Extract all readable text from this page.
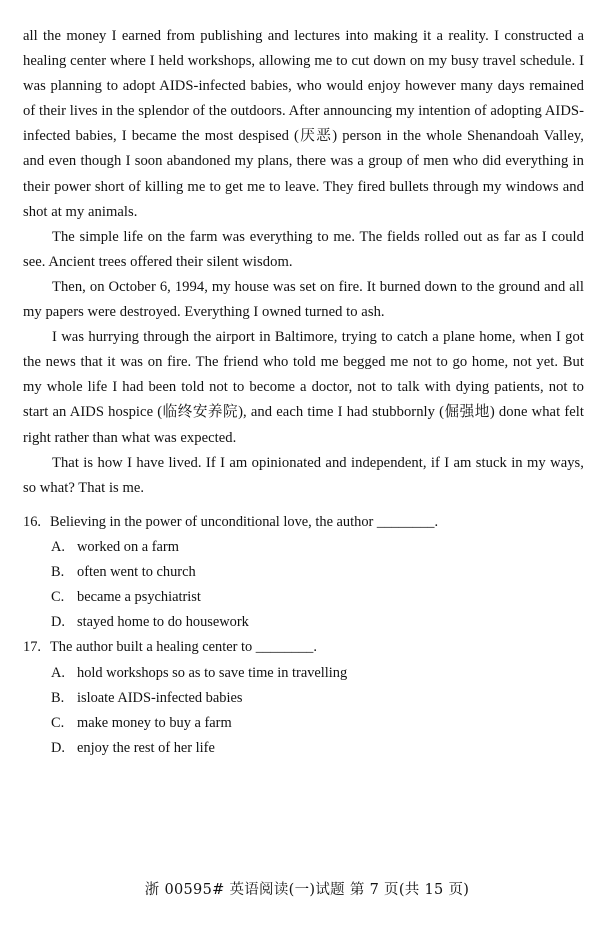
all the money I earned from publishing and lectures into making it a reality. I constructed a healing center where I held workshops, allowing me to cut down on my busy travel schedule. I was planning to adopt AIDS-infected babies, who would enjoy however many days remained of their lives in the splendor of the outdoors. After announcing my intention of adopting AIDS-infected babies, I became the most despised (厌恶) person in the whole Shenandoah Valley, and even though I soon abandoned my plans, there was a group of men who did everything in their power short of killing me to get me to leave. They fired bullets through my windows and shot at my animals.

The simple life on the farm was everything to me. The fields rolled out as far as I could see. Ancient trees offered their silent wisdom.

Then, on October 6, 1994, my house was set on fire. It burned down to the ground and all my papers were destroyed. Everything I owned turned to ash.

I was hurrying through the airport in Baltimore, trying to catch a plane home, when I got the news that it was on fire. The friend who told me begged me not to go home, not yet. But my whole life I had been told not to become a doctor, not to talk with dying patients, not to start an AIDS hospice (临终安养院), and each time I had stubbornly (倔强地) done what felt right rather than what was expected.

That is how I have lived. If I am opinionated and independent, if I am stuck in my ways, so what? That is me.

16. Believing in the power of unconditional love, the author ________.
A. worked on a farm
B. often went to church
C. became a psychiatrist
D. stayed home to do housework
17. The author built a healing center to ________.
A. hold workshops so as to save time in travelling
B. isloate AIDS-infected babies
C. make money to buy a farm
D. enjoy the rest of her life
浙 00595# 英语阅读(一)试题 第 7 页(共 15 页)
